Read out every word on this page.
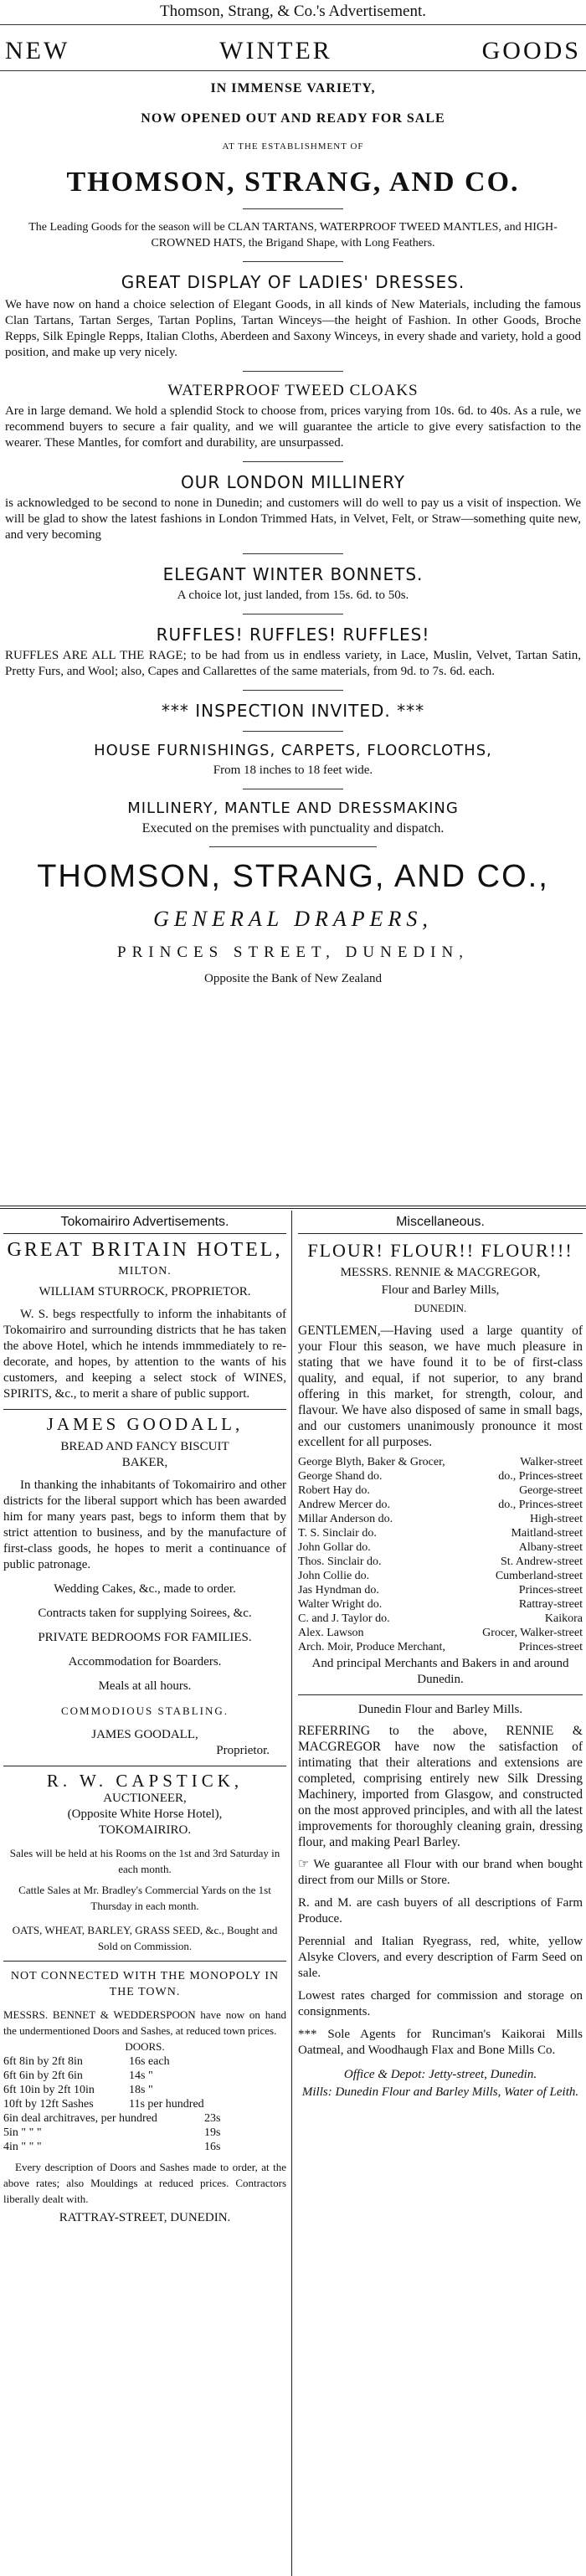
Thomson, Strang, & Co.'s Advertisement.
NEW	WINTER	GOODS
IN IMMENSE VARIETY,
NOW OPENED OUT AND READY FOR SALE
AT THE ESTABLISHMENT OF
THOMSON, STRANG, AND CO.
The Leading Goods for the season will be CLAN TARTANS, WATERPROOF TWEED MANTLES, and HIGH-CROWNED HATS, the Brigand Shape, with Long Feathers.
GREAT DISPLAY OF LADIES' DRESSES.
We have now on hand a choice selection of Elegant Goods, in all kinds of New Materials, including the famous Clan Tartans, Tartan Serges, Tartan Poplins, Tartan Winceys—the height of Fashion. In other Goods, Broche Repps, Silk Epingle Repps, Italian Cloths, Aberdeen and Saxony Winceys, in every shade and variety, hold a good position, and make up very nicely.
WATERPROOF TWEED CLOAKS
Are in large demand. We hold a splendid Stock to choose from, prices varying from 10s. 6d. to 40s. As a rule, we recommend buyers to secure a fair quality, and we will guarantee the article to give every satisfaction to the wearer. These Mantles, for comfort and durability, are unsurpassed.
OUR LONDON MILLINERY
is acknowledged to be second to none in Dunedin; and customers will do well to pay us a visit of inspection. We will be glad to show the latest fashions in London Trimmed Hats, in Velvet, Felt, or Straw—something quite new, and very becoming
ELEGANT WINTER BONNETS.
A choice lot, just landed, from 15s. 6d. to 50s.
RUFFLES! RUFFLES! RUFFLES!
RUFFLES ARE ALL THE RAGE; to be had from us in endless variety, in Lace, Muslin, Velvet, Tartan Satin, Pretty Furs, and Wool; also, Capes and Callarettes of the same materials, from 9d. to 7s. 6d. each.
*** INSPECTION INVITED. ***
HOUSE FURNISHINGS, CARPETS, FLOORCLOTHS,
From 18 inches to 18 feet wide.
MILLINERY, MANTLE AND DRESSMAKING
Executed on the premises with punctuality and dispatch.
THOMSON, STRANG, AND CO.,
GENERAL DRAPERS,
PRINCES STREET, DUNEDIN,
Opposite the Bank of New Zealand
Tokomairiro Advertisements.
GREAT BRITAIN HOTEL,
MILTON.
WILLIAM STURROCK, PROPRIETOR.
W. S. begs respectfully to inform the inhabitants of Tokomairiro and surrounding districts that he has taken the above Hotel, which he intends immmediately to re-decorate, and hopes, by attention to the wants of his customers, and keeping a select stock of WINES, SPIRITS, &c., to merit a share of public support.
JAMES GOODALL,
BREAD AND FANCY BISCUIT BAKER,
In thanking the inhabitants of Tokomairiro and other districts for the liberal support which has been awarded him for many years past, begs to inform them that by strict attention to business, and by the manufacture of first-class goods, he hopes to merit a continuance of public patronage.
Wedding Cakes, &c., made to order.
Contracts taken for supplying Soirees, &c.
PRIVATE BEDROOMS FOR FAMILIES.
Accommodation for Boarders.
Meals at all hours.
COMMODIOUS STABLING.
JAMES GOODALL,
Proprietor.
R. W. CAPSTICK,
AUCTIONEER,
(Opposite White Horse Hotel),
TOKOMAIRIRO.
Sales will be held at his Rooms on the 1st and 3rd Saturday in each month.
Cattle Sales at Mr. Bradley's Commercial Yards on the 1st Thursday in each month.
OATS, WHEAT, BARLEY, GRASS SEED, &c., Bought and Sold on Commission.
NOT CONNECTED WITH THE MONOPOLY IN THE TOWN.
MESSRS. BENNET & WEDDERSPOON have now on hand the undermentioned Doors and Sashes, at reduced town prices.
DOORS.
6ft 8in by 2ft 8in	16s each
6ft 6in by 2ft 6in	14s "
6ft 10in by 2ft 10in	18s "
10ft by 12ft Sashes	11s per hundred
6in deal architraves, per hundred	23s
5in " " "	19s
4in " " "	16s
Every description of Doors and Sashes made to order, at the above rates; also Mouldings at reduced prices. Contractors liberally dealt with.
RATTRAY-STREET, DUNEDIN.
Miscellaneous.
FLOUR! FLOUR!! FLOUR!!!
MESSRS. RENNIE & MACGREGOR,
Flour and Barley Mills,
DUNEDIN.
GENTLEMEN,—Having used a large quantity of your Flour this season, we have much pleasure in stating that we have found it to be of first-class quality, and equal, if not superior, to any brand offering in this market, for strength, colour, and flavour. We have also disposed of same in small bags, and our customers unanimously pronounce it most excellent for all purposes.
George Blyth, Baker & Grocer,	Walker-street
George Shand do.	do., Princes-street
Robert Hay do.	George-street
Andrew Mercer do.	do., Princes-street
Millar Anderson do.	High-street
T. S. Sinclair do.	Maitland-street
John Gollar do.	Albany-street
Thos. Sinclair do.	St. Andrew-street
John Collie do.	Cumberland-street
Jas Hyndman do.	Princes-street
Walter Wright do.	Rattray-street
C. and J. Taylor do.	Kaikora
Alex. Lawson	Grocer, Walker-street
Arch. Moir, Produce Merchant,	Princes-street
And principal Merchants and Bakers in and around Dunedin.
Dunedin Flour and Barley Mills.
REFERRING to the above, RENNIE & MACGREGOR have now the satisfaction of intimating that their alterations and extensions are completed, comprising entirely new Silk Dressing Machinery, imported from Glasgow, and constructed on the most approved principles, and with all the latest improvements for thoroughly cleaning grain, dressing flour, and making Pearl Barley.
☞ We guarantee all Flour with our brand when bought direct from our Mills or Store.
R. and M. are cash buyers of all descriptions of Farm Produce.
Perennial and Italian Ryegrass, red, white, yellow Alsyke Clovers, and every description of Farm Seed on sale.
Lowest rates charged for commission and storage on consignments.
*** Sole Agents for Runciman's Kaikorai Mills Oatmeal, and Woodhaugh Flax and Bone Mills Co.
Office & Depot: Jetty-street, Dunedin.
Mills: Dunedin Flour and Barley Mills, Water of Leith.
